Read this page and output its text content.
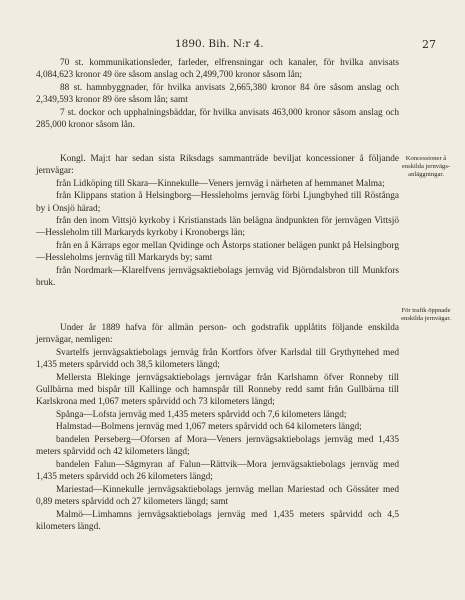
1890. Bih. N:r 4.	27

70 st. kommunikationsleder, farleder, elfrensningar och kanaler, för hvilka anvisats 4,084,623 kronor 49 öre såsom anslag och 2,499,700 kronor såsom lån;

88 st. hamnbyggnader, för hvilka anvisats 2,665,380 kronor 84 öre såsom anslag och 2,349,593 kronor 89 öre såsom lån; samt

7 st. dockor och upphalningsbäddar, för hvilka anvisats 463,000 kronor såsom anslag och 285,000 kronor såsom lån.

Kongl. Maj:t har sedan sista Riksdags sammanträde beviljat koncessioner å följande jernvägar:

från Lidköping till Skara—Kinnekulle—Veners jernväg i närheten af hemmanet Malma;

från Klippans station å Helsingborg—Hessleholms jernväg förbi Ljungbyhed till Röstånga by i Onsjö härad;

från den inom Vittsjö kyrkoby i Kristianstads län belägna ändpunkten för jernvägen Vittsjö—Hessleholm till Markaryds kyrkoby i Kronobergs län;

från en å Kärraps egor mellan Qvidinge och Åstorps stationer belägen punkt på Helsingborg—Hessleholms jernväg till Markaryds by; samt

från Nordmark—Klarelfvens jernvägsaktiebolags jernväg vid Björndalsbron till Munkfors bruk.

Under år 1889 hafva för allmän person- och godstrafik upplåtits följande enskilda jernvägar, nemligen:

Svartelfs jernvägsaktiebolags jernväg från Kortfors öfver Karlsdal till Grythyttehed med 1,435 meters spårvidd och 38,5 kilometers längd;

Mellersta Blekinge jernvägsaktiebolags jernvägar från Karlshamn öfver Ronneby till Gullbärna med bispår till Kallinge och hamnspår till Ronneby redd samt från Gullbärna till Karlskrona med 1,067 meters spårvidd och 73 kilometers längd;

Spånga—Lofsta jernväg med 1,435 meters spårvidd och 7,6 kilometers längd;

Halmstad—Bolmens jernväg med 1,067 meters spårvidd och 64 kilometers längd;

bandelen Perseberg—Oforsen af Mora—Veners jernvägsaktiebolags jernväg med 1,435 meters spårvidd och 42 kilometers längd;

bandelen Falun—Sågmyran af Falun—Rättvik—Mora jernvägsaktiebolags jernväg med 1,435 meters spårvidd och 26 kilometers längd;

Mariestad—Kinnekulle jernvägsaktiebolags jernväg mellan Mariestad och Gössäter med 0,89 meters spårvidd och 27 kilometers längd; samt

Malmö—Limhamns jernvägsaktiebolags jernväg med 1,435 meters spårvidd och 4,5 kilometers längd.

Koncessioner å enskilda jernvägs-anläggningar.
För trafik öppnade enskilda jernvägar.
